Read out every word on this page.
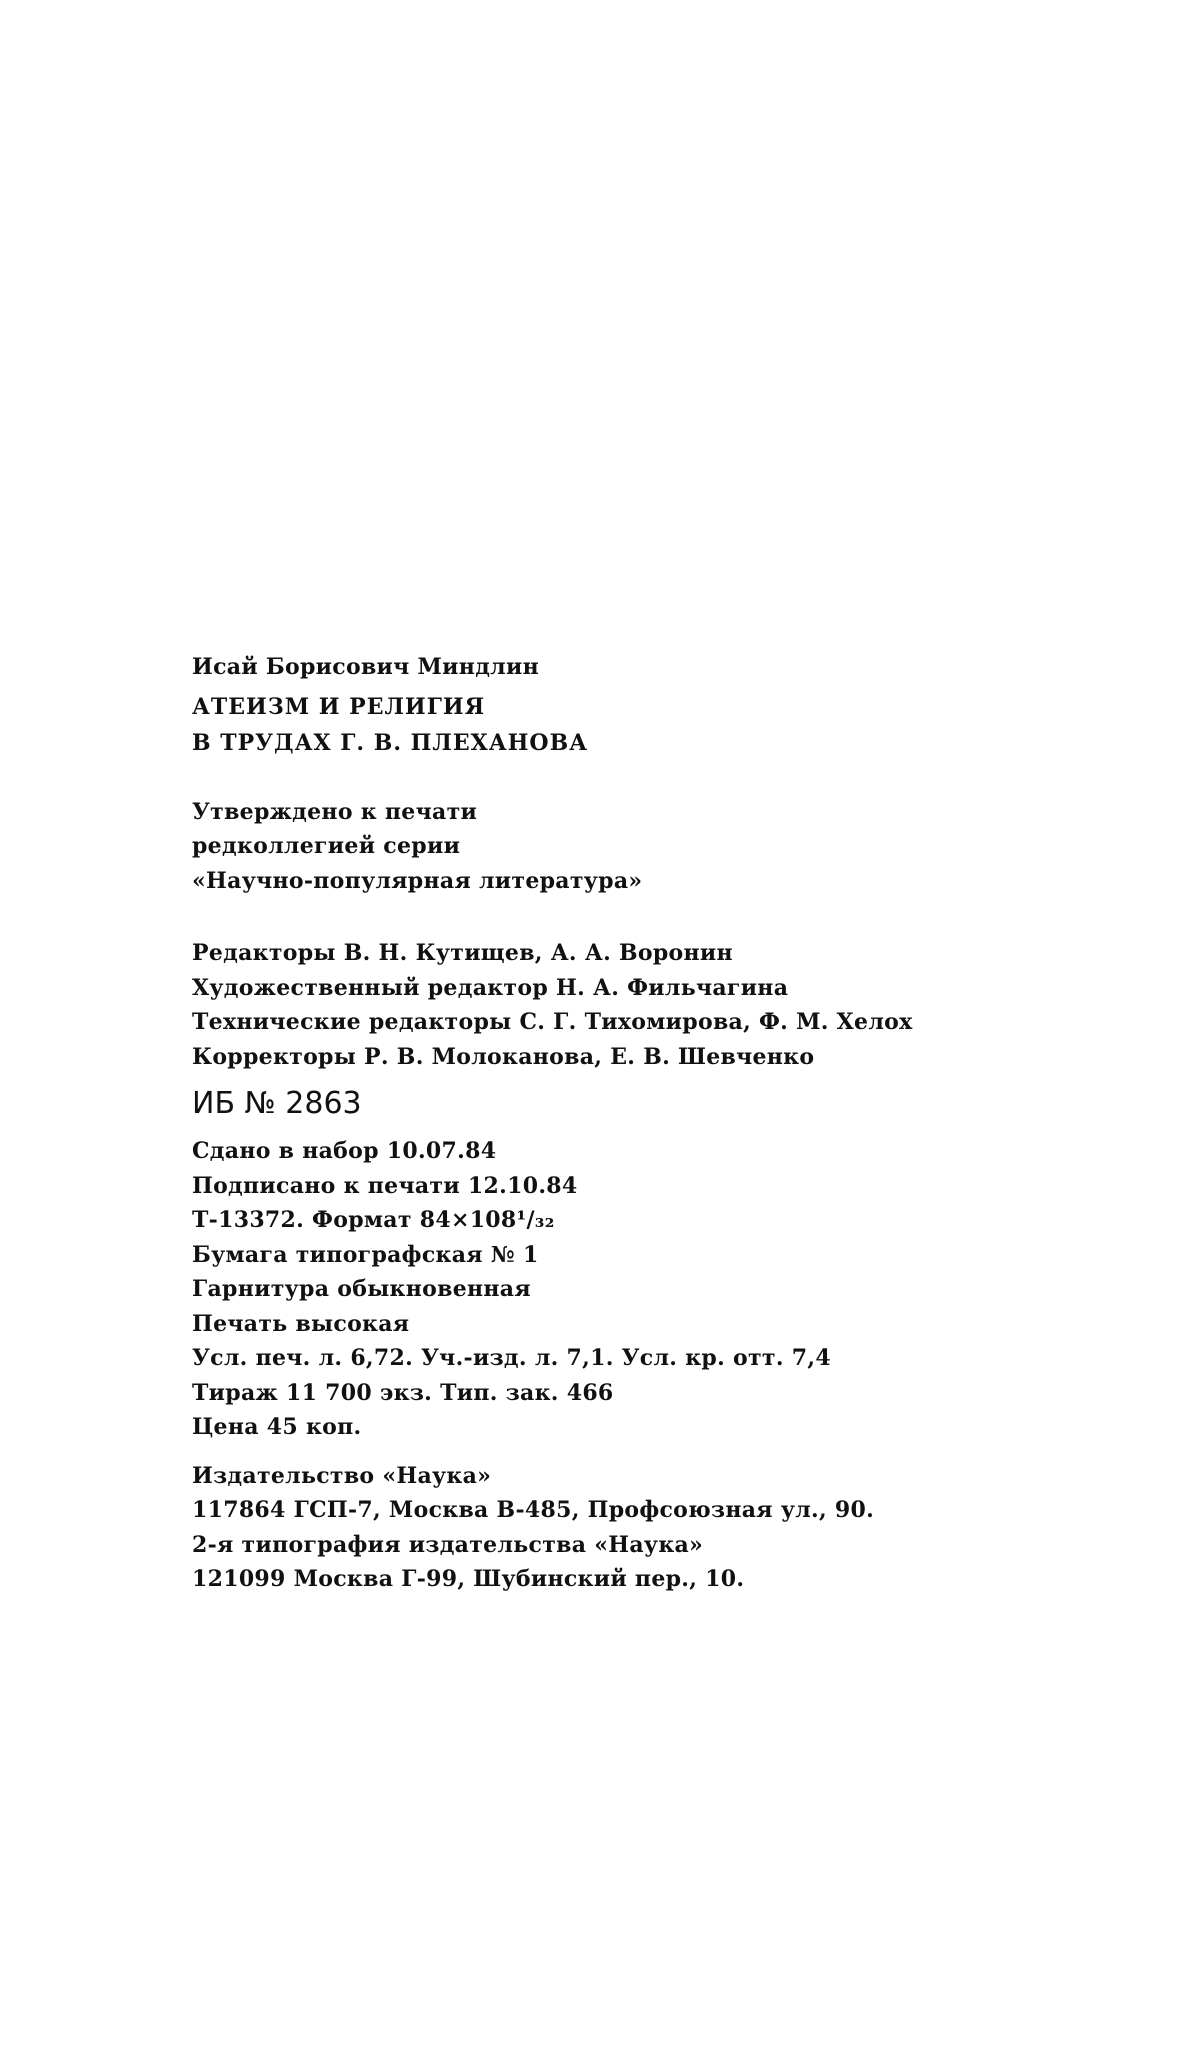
Исай Борисович Миндлин
АТЕИЗМ И РЕЛИГИЯ
В ТРУДАХ Г. В. ПЛЕХАНОВА
Утверждено к печати
редколлегией серии
«Научно-популярная литература»
Редакторы В. Н. Кутищев, А. А. Воронин
Художественный редактор Н. А. Фильчагина
Технические редакторы С. Г. Тихомирова, Ф. М. Хелох
Корректоры Р. В. Молоканова, Е. В. Шевченко
ИБ № 2863
Сдано в набор 10.07.84
Подписано к печати 12.10.84
Т-13372. Формат 84×108¹/₃₂
Бумага типографская № 1
Гарнитура обыкновенная
Печать высокая
Усл. печ. л. 6,72. Уч.-изд. л. 7,1. Усл. кр. отт. 7,4
Тираж 11 700 экз. Тип. зак. 466
Цена 45 коп.
Издательство «Наука»
117864 ГСП-7, Москва В-485, Профсоюзная ул., 90.
2-я типография издательства «Наука»
121099 Москва Г-99, Шубинский пер., 10.
